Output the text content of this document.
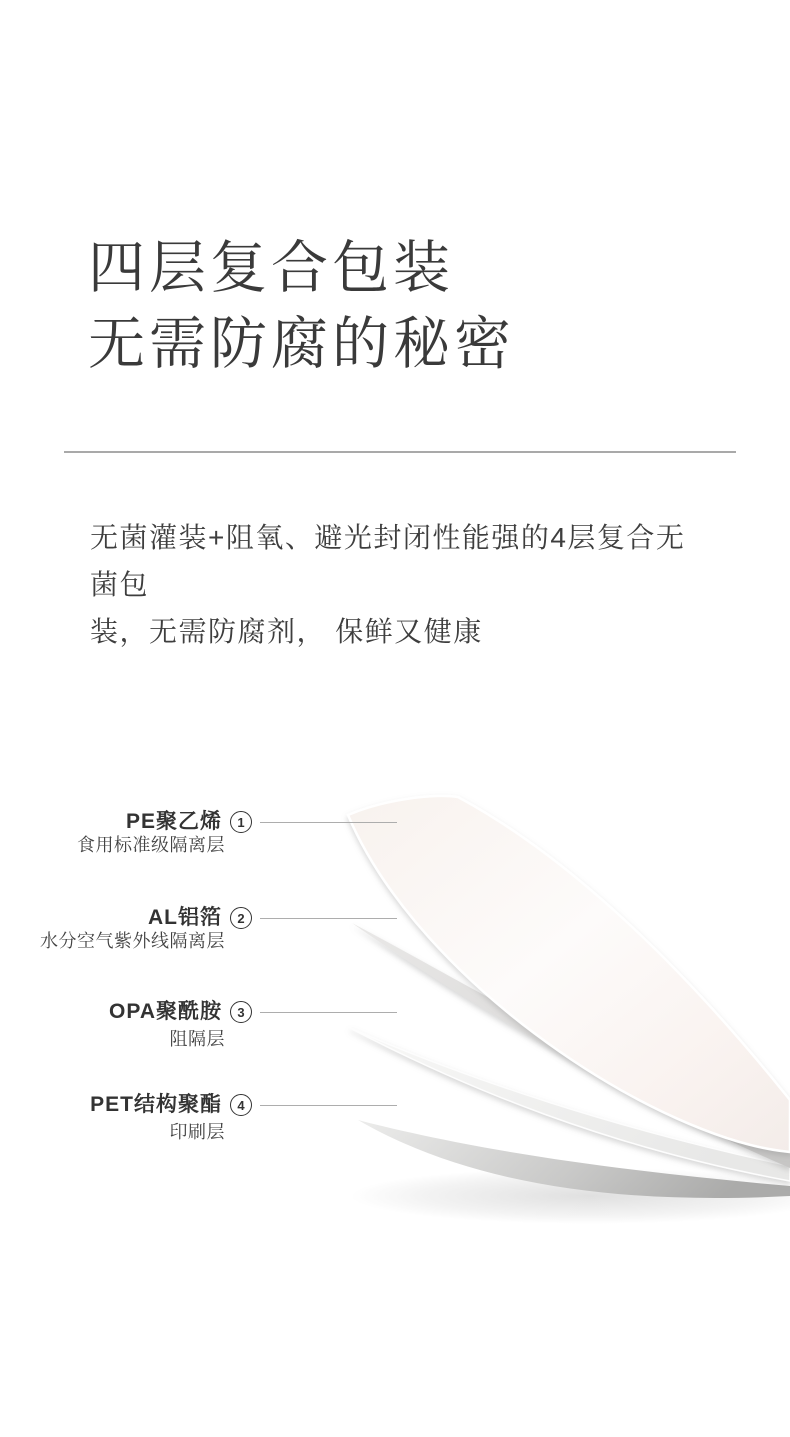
四层复合包装
无需防腐的秘密

无菌灌装+阻氧、避光封闭性能强的4层复合无菌包
装，无需防腐剂， 保鲜又健康

PE聚乙烯	1
食用标准级隔离层
AL铝箔	2
水分空气紫外线隔离层
OPA聚酰胺	3
阻隔层
PET结构聚酯	4
印刷层
